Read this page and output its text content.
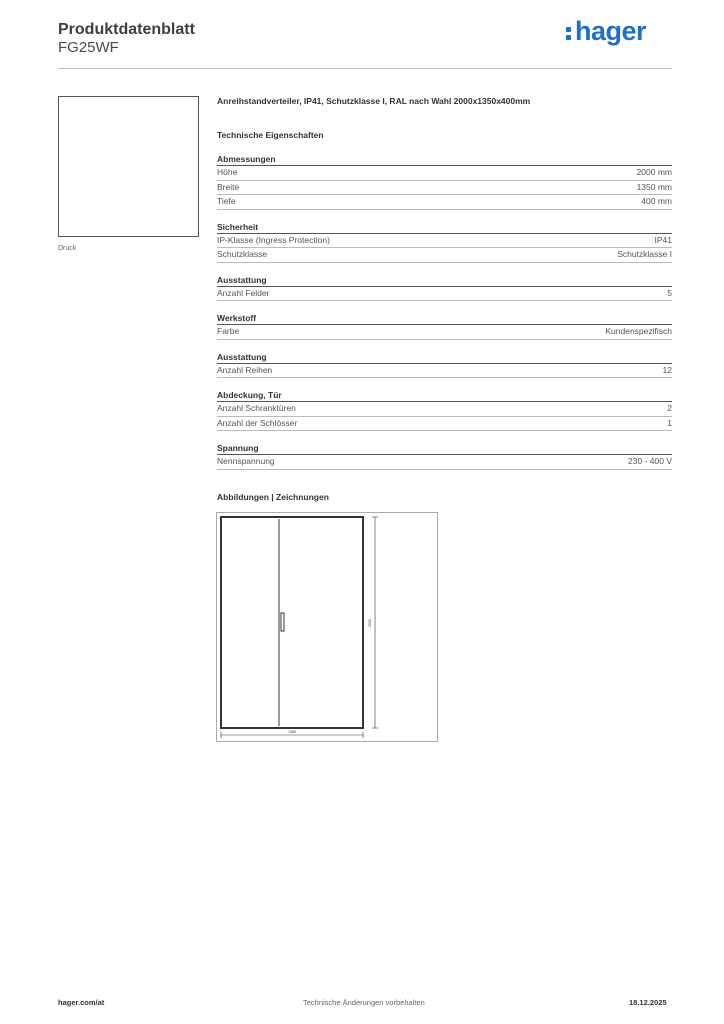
Produktdatenblatt
FG25WF
hager
Druck
Anreihstandverteiler, IP41, Schutzklasse I, RAL nach Wahl 2000x1350x400mm
Technische Eigenschaften
Abmessungen
Höhe	2000 mm
Breite	1350 mm
Tiefe	400 mm
Sicherheit
IP-Klasse (Ingress Protection)	IP41
Schutzklasse	Schutzklasse I
Ausstattung
Anzahl Felder	5
Werkstoff
Farbe	Kundenspezifisch
Ausstattung
Anzahl Reihen	12
Abdeckung, Tür
Anzahl Schranktüren	2
Anzahl der Schlösser	1
Spannung
Nennspannung	230 - 400 V
Abbildungen | Zeichnungen
2000
1350
hager.com/at	Technische Änderungen vorbehalten	18.12.2025
